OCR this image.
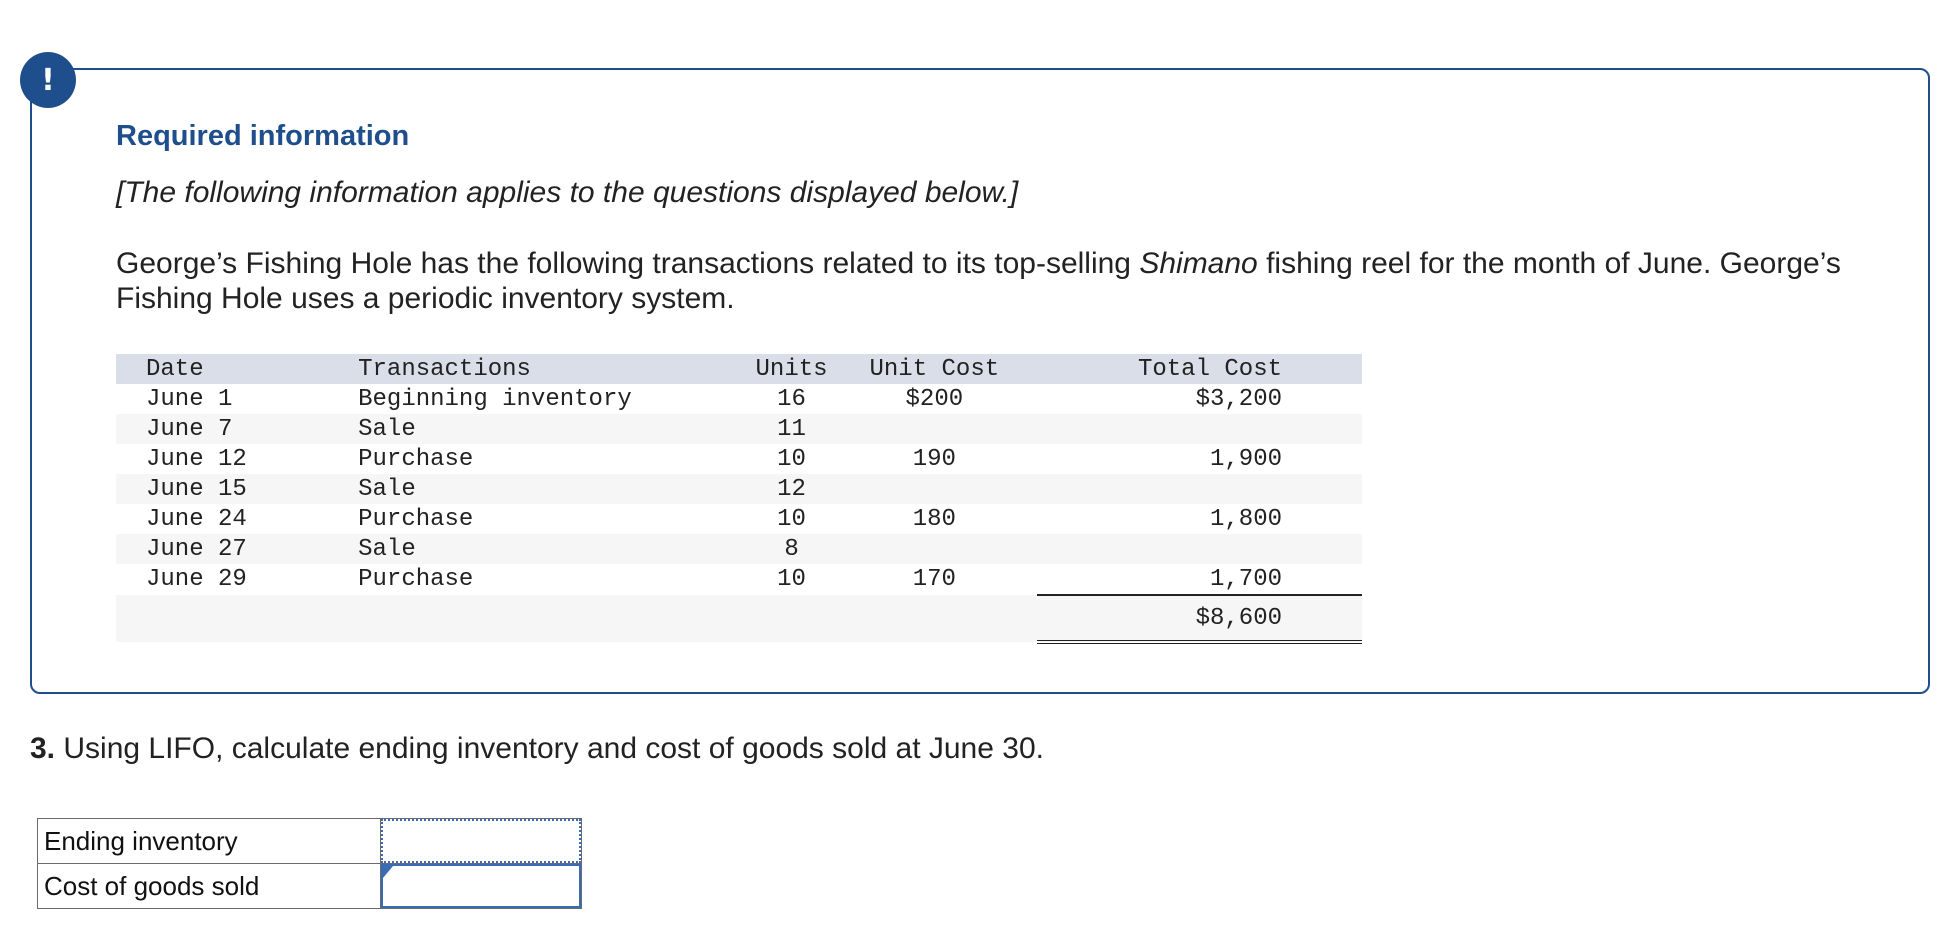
!
Required information
[The following information applies to the questions displayed below.]
George’s Fishing Hole has the following transactions related to its top-selling Shimano fishing reel for the month of June. George’s Fishing Hole uses a periodic inventory system.
Date	Transactions	Units	Unit Cost	Total Cost
June 1	Beginning inventory	16	$200	$3,200
June 7	Sale	11		
June 12	Purchase	10	190	1,900
June 15	Sale	12		
June 24	Purchase	10	180	1,800
June 27	Sale	8		
June 29	Purchase	10	170	1,700
				$8,600
3. Using LIFO, calculate ending inventory and cost of goods sold at June 30.
Ending inventory	

Cost of goods sold	
